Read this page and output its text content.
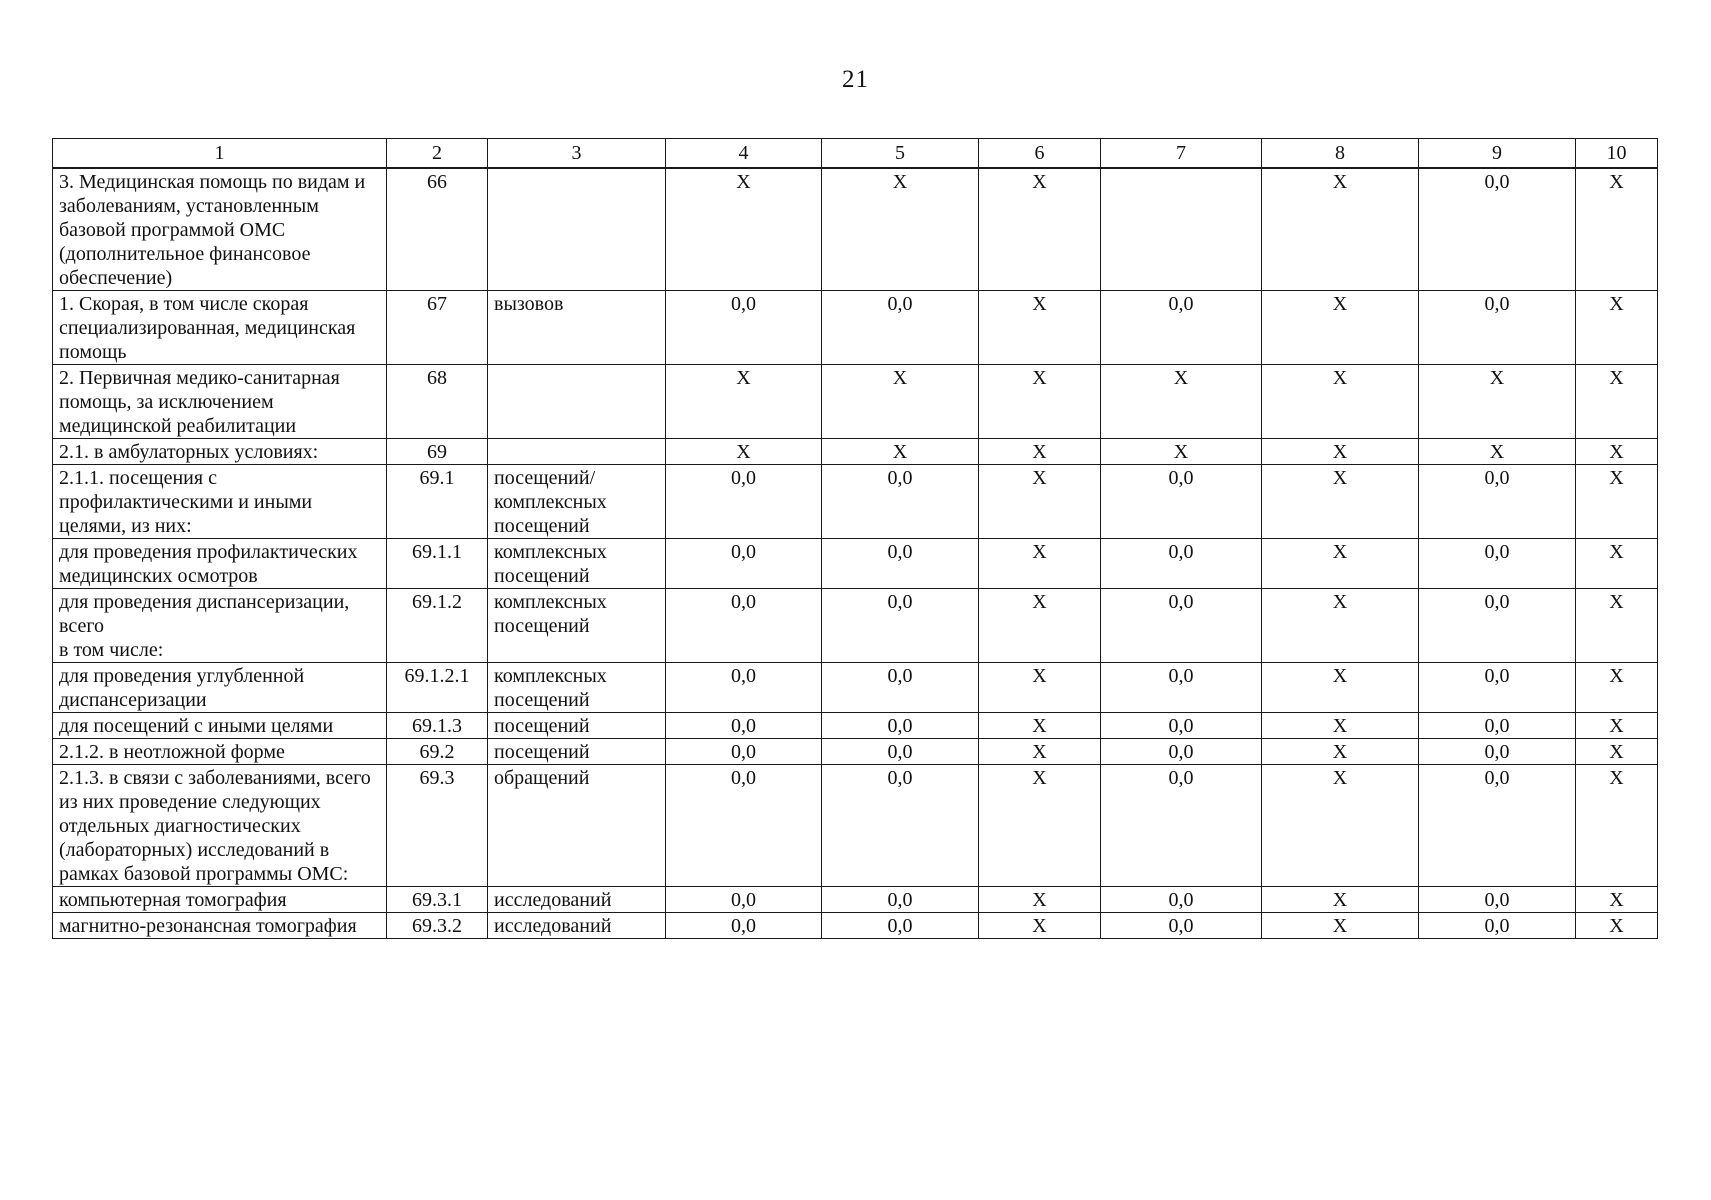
21
1	2	3	4	5	6	7	8	9	10
3. Медицинская помощь по видам и заболеваниям, установленным базовой программой ОМС (дополнительное финансовое обеспечение)	66		X	X	X		X	0,0	X
1. Скорая, в том числе скорая специализированная, медицинская помощь	67	вызовов	0,0	0,0	X	0,0	X	0,0	X
2. Первичная медико-санитарная помощь, за исключением медицинской реабилитации	68		X	X	X	X	X	X	X
2.1. в амбулаторных условиях:	69		X	X	X	X	X	X	X
2.1.1. посещения с профилактическими и иными целями, из них:	69.1	посещений/ комплексных посещений	0,0	0,0	X	0,0	X	0,0	X
для проведения профилактических медицинских осмотров	69.1.1	комплексных посещений	0,0	0,0	X	0,0	X	0,0	X
для проведения диспансеризации, всего
в том числе:	69.1.2	комплексных посещений	0,0	0,0	X	0,0	X	0,0	X
для проведения углубленной диспансеризации	69.1.2.1	комплексных посещений	0,0	0,0	X	0,0	X	0,0	X
для посещений с иными целями	69.1.3	посещений	0,0	0,0	X	0,0	X	0,0	X
2.1.2. в неотложной форме	69.2	посещений	0,0	0,0	X	0,0	X	0,0	X
2.1.3. в связи с заболеваниями, всего
из них проведение следующих отдельных диагностических (лабораторных) исследований в рамках базовой программы ОМС:	69.3	обращений	0,0	0,0	X	0,0	X	0,0	X
компьютерная томография	69.3.1	исследований	0,0	0,0	X	0,0	X	0,0	X
магнитно-резонансная томография	69.3.2	исследований	0,0	0,0	X	0,0	X	0,0	X
